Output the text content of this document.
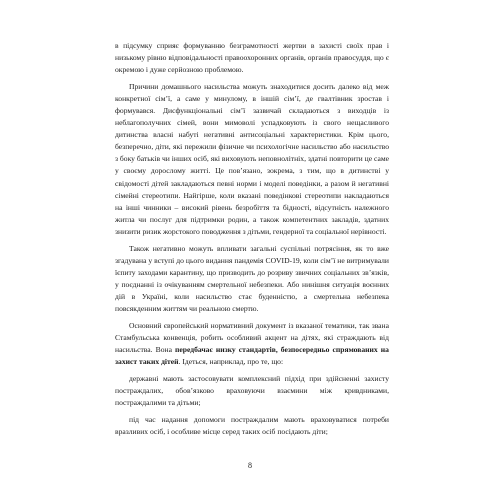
в підсумку сприяє формуванню безграмотності жертви в захисті своїх прав і низькому рівню відповідальності правоохоронних органів, органів правосуддя, що є окремою і дуже серйозною проблемою.

Причини домашнього насильства можуть знаходитися досить далеко від меж конкретної сім’ї, а саме у минулому, в іншій сім’ї, де гвалтівник зростав і формувався. Дисфункціональні сім’ї зазвичай складаються з виходців із неблагополучних сімей, вони мимоволі успадковують із свого нещасливого дитинства власні набуті негативні антисоціальні характеристики. Крім цього, безперечно, діти, які пережили фізичне чи психологічне насильство або насильство з боку батьків чи інших осіб, які виховують неповнолітніх, здатні повторити це саме у своєму дорослому житті. Це пов’язано, зокрема, з тим, що в дитинстві у свідомості дітей закладаються певні норми і моделі поведінки, а разом й негативні сімейні стереотипи. Найгірше, коли вказані поведінкові стереотипи накладаються на інші чинники – високий рівень безробіття та бідності, відсутність належного житла чи послуг для підтримки родин, а також компетентних закладів, здатних знизити ризик жорстокого поводження з дітьми, гендерної та соціальної нерівності.

Також негативно можуть впливати загальні суспільні потрясіння, як то вже згадувана у вступі до цього видання пандемія COVID-19, коли сім’ї не витримували їєпиту заходами карантину, що призводить до розриву звичних соціальних зв’язків, у поєднанні із очікуванням смертельної небезпеки. Або нинішня ситуація воєнних дій в Україні, коли насильство стає буденністю, а смертельна небезпека повсякденним життям чи реальною смертю.

Основний європейський нормативний документ із вказаної тематики, так звана Стамбульська конвенція, робить особливий акцент на дітях, які страждають від насильства. Вона передбачає низку стандартів, безпосередньо спрямованих на захист таких дітей. Ідеться, наприклад, про те, що:

державні мають застосовувати комплексний підхід при здійсненні захисту постраждалих, обов’язково враховуючи взаємини між кривдниками, постраждалими та дітьми;

під час надання допомоги постраждалим мають враховуватися потреби вразливих осіб, і особливе місце серед таких осіб посідають діти;

8
